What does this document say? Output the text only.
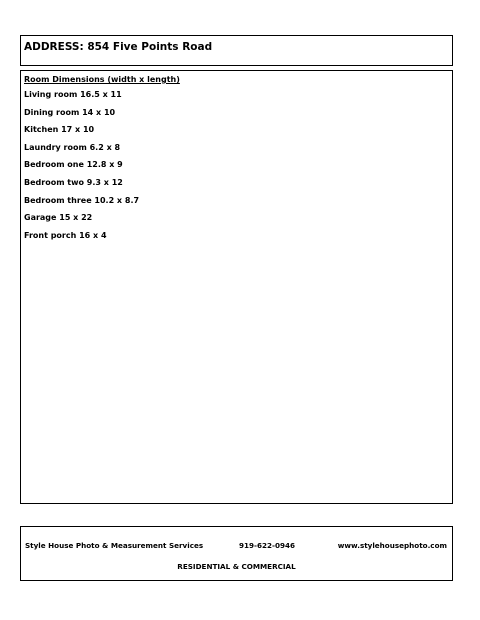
ADDRESS: 854 Five Points Road
Room Dimensions (width x length)
Living room 16.5 x 11
Dining room 14 x 10
Kitchen 17 x 10
Laundry room 6.2 x 8
Bedroom one 12.8 x 9
Bedroom two 9.3 x 12
Bedroom three 10.2 x 8.7
Garage 15 x 22
Front porch 16 x 4
Style House Photo & Measurement Services	919-622-0946	www.stylehousephoto.com
RESIDENTIAL & COMMERCIAL
